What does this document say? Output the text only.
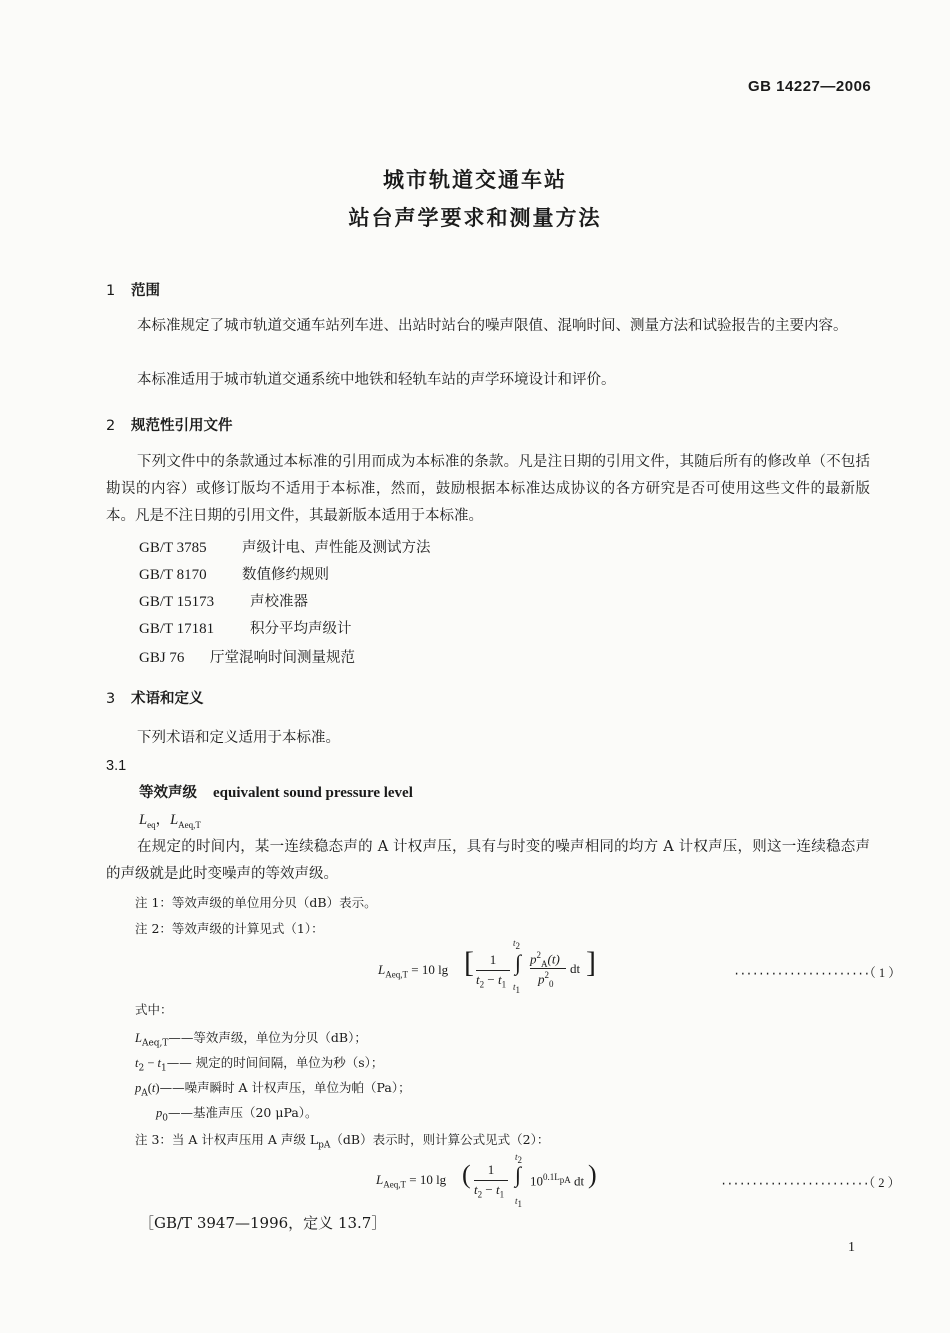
GB 14227—2006
城市轨道交通车站
站台声学要求和测量方法
1 范围
本标准规定了城市轨道交通车站列车进、出站时站台的噪声限值、混响时间、测量方法和试验报告的主要内容。
本标准适用于城市轨道交通系统中地铁和轻轨车站的声学环境设计和评价。
2 规范性引用文件
下列文件中的条款通过本标准的引用而成为本标准的条款。凡是注日期的引用文件，其随后所有的修改单（不包括勘误的内容）或修订版均不适用于本标准，然而，鼓励根据本标准达成协议的各方研究是否可使用这些文件的最新版本。凡是不注日期的引用文件，其最新版本适用于本标准。
GB/T 3785 声级计电、声性能及测试方法
GB/T 8170 数值修约规则
GB/T 15173 声校准器
GB/T 17181 积分平均声级计
GBJ 76 厅堂混响时间测量规范
3 术语和定义
下列术语和定义适用于本标准。
3.1
等效声级 equivalent sound pressure level
$L_{eq}$，$L_{Aeq,T}$
在规定的时间内，某一连续稳态声的 A 计权声压，具有与时变的噪声相同的均方 A 计权声压，则这一连续稳态声的声级就是此时变噪声的等效声级。
注 1：等效声级的单位用分贝（dB）表示。
注 2：等效声级的计算见式（1）：
$L_{Aeq,T} = 10$ lg [	1
$t_2 - t_1$
$t_2$
∫
$t_1$
$p^2_A(t)$
$p^2_0$
dt ]	······················（ 1 ）
式中：
$L_{Aeq,T}——$等效声级，单位为分贝（dB）；
$t_2$ − $t_1——$ 规定的时间间隔，单位为秒（s）；
$p_A(t)——$噪声瞬时 A 计权声压，单位为帕（Pa）；
$p_0——$基准声压（20 μPa）。
注 3：当 A 计权声压用 A 声级 $L_{pA}(dB)$表示时，则计算公式见式（2）：
$L_{Aeq,T} = 10$ lg (	1
$t_2 - t_1$
$t_2$
∫
$t_1$
$10^{0.1L_{pA}}$ dt )	························（ 2 ）
［GB/T 3947—1996，定义 13.7］
1
